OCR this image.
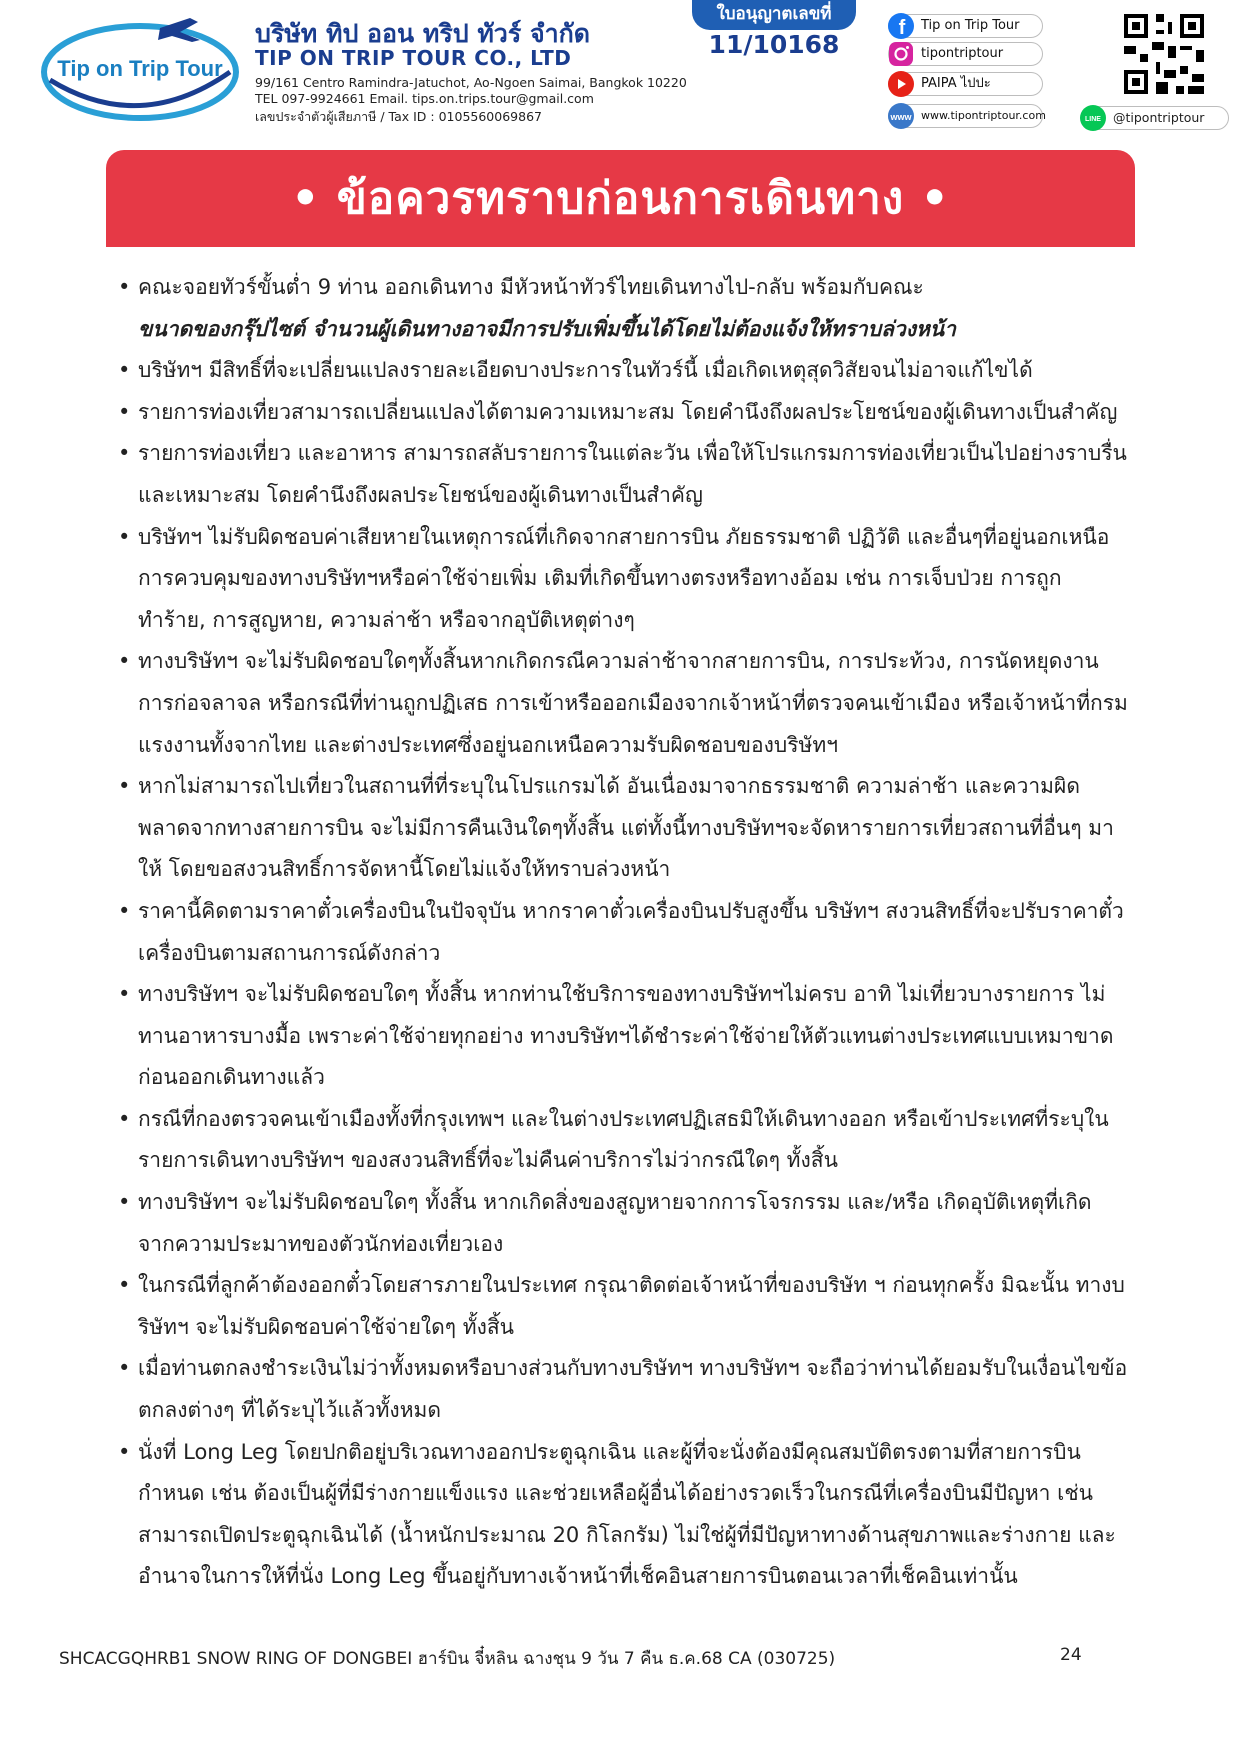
Tip on Trip Tour
บริษัท ทิป ออน ทริป ทัวร์ จำกัด
TIP ON TRIP TOUR CO., LTD
99/161 Centro Ramindra-Jatuchot, Ao-Ngoen Saimai, Bangkok 10220
TEL 097-9924661 Email. tips.on.trips.tour@gmail.com
เลขประจำตัวผู้เสียภาษี / Tax ID : 0105560069867
ใบอนุญาตเลขที่
11/10168
f Tip on Trip Tour
tipontriptour
PAIPA ไปปะ
www www.tipontriptour.com	LINE @tipontriptour
• ข้อควรทราบก่อนการเดินทาง •
• คณะจอยทัวร์ขั้นต่ำ 9 ท่าน ออกเดินทาง มีหัวหน้าทัวร์ไทยเดินทางไป-กลับ พร้อมกับคณะ
ขนาดของกรุ๊ปไซต์ จำนวนผู้เดินทางอาจมีการปรับเพิ่มขึ้นได้โดยไม่ต้องแจ้งให้ทราบล่วงหน้า
• บริษัทฯ มีสิทธิ์ที่จะเปลี่ยนแปลงรายละเอียดบางประการในทัวร์นี้ เมื่อเกิดเหตุสุดวิสัยจนไม่อาจแก้ไขได้
• รายการท่องเที่ยวสามารถเปลี่ยนแปลงได้ตามความเหมาะสม โดยคำนึงถึงผลประโยชน์ของผู้เดินทางเป็นสำคัญ
• รายการท่องเที่ยว และอาหาร สามารถสลับรายการในแต่ละวัน เพื่อให้โปรแกรมการท่องเที่ยวเป็นไปอย่างราบรื่น และเหมาะสม โดยคำนึงถึงผลประโยชน์ของผู้เดินทางเป็นสำคัญ
• บริษัทฯ ไม่รับผิดชอบค่าเสียหายในเหตุการณ์ที่เกิดจากสายการบิน ภัยธรรมชาติ ปฏิวัติ และอื่นๆที่อยู่นอกเหนือการควบคุมของทางบริษัทฯหรือค่าใช้จ่ายเพิ่ม เติมที่เกิดขึ้นทางตรงหรือทางอ้อม เช่น การเจ็บป่วย การถูกทำร้าย, การสูญหาย, ความล่าช้า หรือจากอุบัติเหตุต่างๆ
• ทางบริษัทฯ จะไม่รับผิดชอบใดๆทั้งสิ้นหากเกิดกรณีความล่าช้าจากสายการบิน, การประท้วง, การนัดหยุดงาน การก่อจลาจล หรือกรณีที่ท่านถูกปฏิเสธ การเข้าหรือออกเมืองจากเจ้าหน้าที่ตรวจคนเข้าเมือง หรือเจ้าหน้าที่กรมแรงงานทั้งจากไทย และต่างประเทศซึ่งอยู่นอกเหนือความรับผิดชอบของบริษัทฯ
• หากไม่สามารถไปเที่ยวในสถานที่ที่ระบุในโปรแกรมได้ อันเนื่องมาจากธรรมชาติ ความล่าช้า และความผิดพลาดจากทางสายการบิน จะไม่มีการคืนเงินใดๆทั้งสิ้น แต่ทั้งนี้ทางบริษัทฯจะจัดหารายการเที่ยวสถานที่อื่นๆ มาให้ โดยขอสงวนสิทธิ์การจัดหานี้โดยไม่แจ้งให้ทราบล่วงหน้า
• ราคานี้คิดตามราคาตั๋วเครื่องบินในปัจจุบัน หากราคาตั๋วเครื่องบินปรับสูงขึ้น บริษัทฯ สงวนสิทธิ์ที่จะปรับราคาตั๋วเครื่องบินตามสถานการณ์ดังกล่าว
• ทางบริษัทฯ จะไม่รับผิดชอบใดๆ ทั้งสิ้น หากท่านใช้บริการของทางบริษัทฯไม่ครบ อาทิ ไม่เที่ยวบางรายการ ไม่ทานอาหารบางมื้อ เพราะค่าใช้จ่ายทุกอย่าง ทางบริษัทฯได้ชำระค่าใช้จ่ายให้ตัวแทนต่างประเทศแบบเหมาขาดก่อนออกเดินทางแล้ว
• กรณีที่กองตรวจคนเข้าเมืองทั้งที่กรุงเทพฯ และในต่างประเทศปฏิเสธมิให้เดินทางออก หรือเข้าประเทศที่ระบุในรายการเดินทางบริษัทฯ ของสงวนสิทธิ์ที่จะไม่คืนค่าบริการไม่ว่ากรณีใดๆ ทั้งสิ้น
• ทางบริษัทฯ จะไม่รับผิดชอบใดๆ ทั้งสิ้น หากเกิดสิ่งของสูญหายจากการโจรกรรม และ/หรือ เกิดอุบัติเหตุที่เกิดจากความประมาทของตัวนักท่องเที่ยวเอง
• ในกรณีที่ลูกค้าต้องออกตั๋วโดยสารภายในประเทศ กรุณาติดต่อเจ้าหน้าที่ของบริษัท ฯ ก่อนทุกครั้ง มิฉะนั้น ทางบริษัทฯ จะไม่รับผิดชอบค่าใช้จ่ายใดๆ ทั้งสิ้น
• เมื่อท่านตกลงชำระเงินไม่ว่าทั้งหมดหรือบางส่วนกับทางบริษัทฯ ทางบริษัทฯ จะถือว่าท่านได้ยอมรับในเงื่อนไขข้อตกลงต่างๆ ที่ได้ระบุไว้แล้วทั้งหมด
• นั่งที่ Long Leg โดยปกติอยู่บริเวณทางออกประตูฉุกเฉิน และผู้ที่จะนั่งต้องมีคุณสมบัติตรงตามที่สายการบินกำหนด เช่น ต้องเป็นผู้ที่มีร่างกายแข็งแรง และช่วยเหลือผู้อื่นได้อย่างรวดเร็วในกรณีที่เครื่องบินมีปัญหา เช่น สามารถเปิดประตูฉุกเฉินได้ (น้ำหนักประมาณ 20 กิโลกรัม) ไม่ใช่ผู้ที่มีปัญหาทางด้านสุขภาพและร่างกาย และอำนาจในการให้ที่นั่ง Long Leg ขึ้นอยู่กับทางเจ้าหน้าที่เช็คอินสายการบินตอนเวลาที่เช็คอินเท่านั้น
SHCACGQHRB1 SNOW RING OF DONGBEI ฮาร์บิน จี๋หลิน ฉางชุน 9 วัน 7 คืน ธ.ค.68 CA (030725)	24
